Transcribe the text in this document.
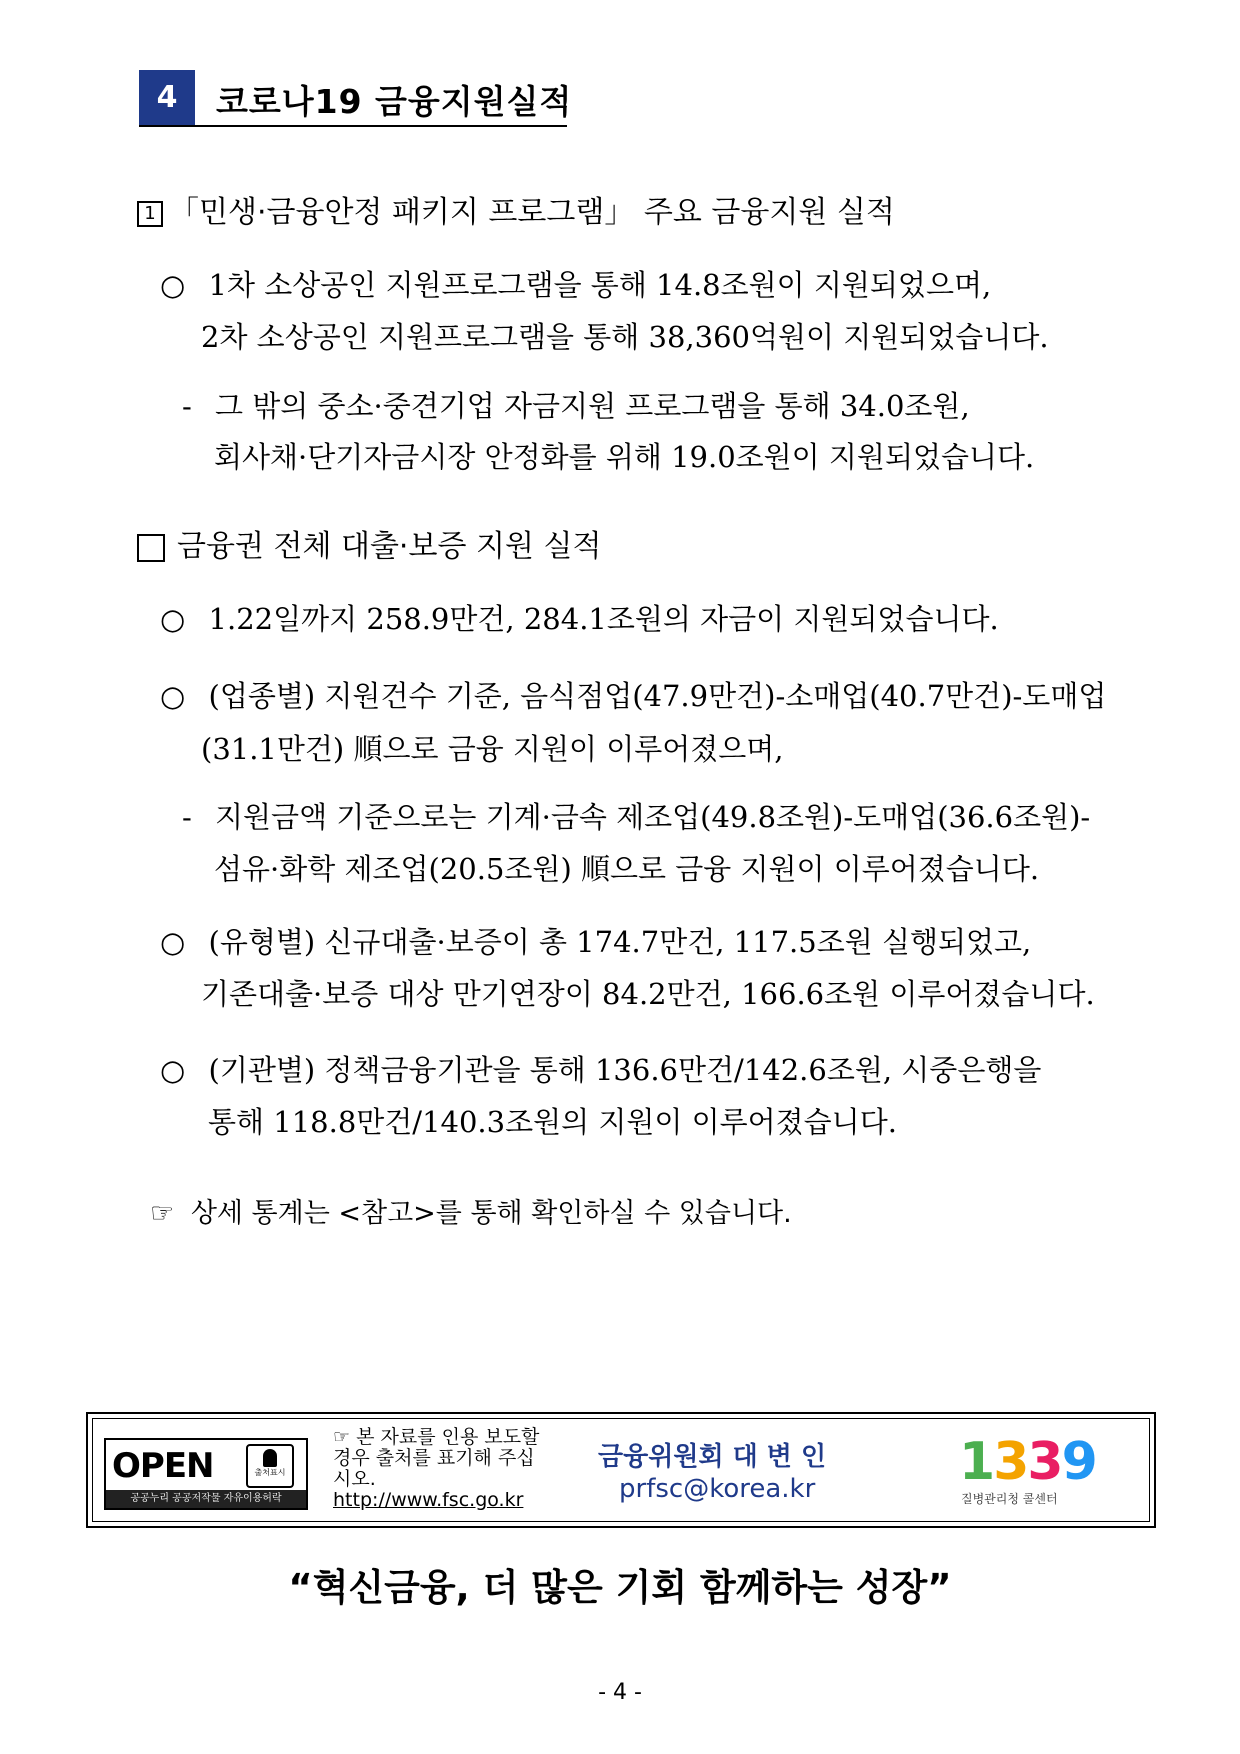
4	코로나19 금융지원실적
1 「민생·금융안정 패키지 프로그램」 주요 금융지원 실적
○ 1차 소상공인 지원프로그램을 통해 14.8조원이 지원되었으며,
2차 소상공인 지원프로그램을 통해 38,360억원이 지원되었습니다.
- 그 밖의 중소·중견기업 자금지원 프로그램을 통해 34.0조원,
회사채·단기자금시장 안정화를 위해 19.0조원이 지원되었습니다.
금융권 전체 대출·보증 지원 실적
○ 1.22일까지 258.9만건, 284.1조원의 자금이 지원되었습니다.
○ (업종별) 지원건수 기준, 음식점업(47.9만건)-소매업(40.7만건)-도매업
(31.1만건) 順으로 금융 지원이 이루어졌으며,
- 지원금액 기준으로는 기계·금속 제조업(49.8조원)-도매업(36.6조원)-
섬유·화학 제조업(20.5조원) 順으로 금융 지원이 이루어졌습니다.
○ (유형별) 신규대출·보증이 총 174.7만건, 117.5조원 실행되었고,
기존대출·보증 대상 만기연장이 84.2만건, 166.6조원 이루어졌습니다.
○ (기관별) 정책금융기관을 통해 136.6만건/142.6조원, 시중은행을
통해 118.8만건/140.3조원의 지원이 이루어졌습니다.
☞ 상세 통계는 <참고>를 통해 확인하실 수 있습니다.
OPEN	출처표시
공공누리 공공저작물 자유이용허락
☞ 본 자료를 인용 보도할 경우 출처를 표기해 주십시오.
http://www.fsc.go.kr
금융위원회 대 변 인
prfsc@korea.kr	1339
질병관리청 콜센터
“혁신금융, 더 많은 기회 함께하는 성장”
- 4 -
